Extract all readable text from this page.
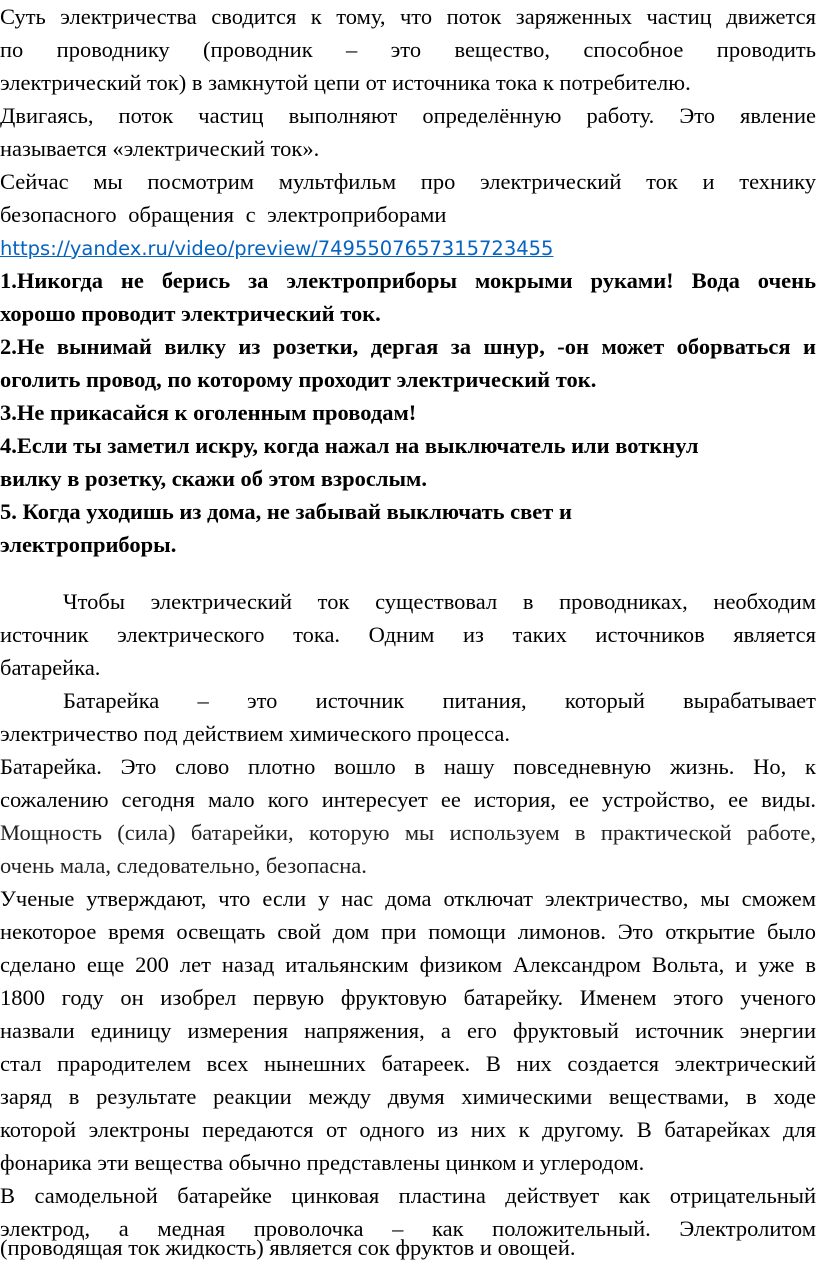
Суть электричества сводится к тому, что поток заряженных частиц движется
по проводнику (проводник – это вещество, способное проводить
электрический ток) в замкнутой цепи от источника тока к потребителю.
Двигаясь, поток частиц выполняют определённую работу. Это явление
называется «электрический ток».
Сейчас мы посмотрим мультфильм про электрический ток и технику
безопасного обращения с электроприборами
https://yandex.ru/video/preview/7495507657315723455
1.Никогда не берись за электроприборы мокрыми руками! Вода очень
хорошо проводит электрический ток.
2.Не вынимай вилку из розетки, дергая за шнур, -он может оборваться и
оголить провод, по которому проходит электрический ток.
3.Не прикасайся к оголенным проводам!
4.Если ты заметил искру, когда нажал на выключатель или воткнул
вилку в розетку, скажи об этом взрослым.
5. Когда уходишь из дома, не забывай выключать свет и
электроприборы.
Чтобы электрический ток существовал в проводниках, необходим
источник электрического тока. Одним из таких источников является
батарейка.
Батарейка – это источник питания, который вырабатывает
электричество под действием химического процесса.
Батарейка. Это слово плотно вошло в нашу повседневную жизнь. Но, к
сожалению сегодня мало кого интересует ее история, ее устройство, ее виды.
Мощность (сила) батарейки, которую мы используем в практической работе,
очень мала, следовательно, безопасна.
Ученые утверждают, что если у нас дома отключат электричество, мы сможем
некоторое время освещать свой дом при помощи лимонов. Это открытие было
сделано еще 200 лет назад итальянским физиком Александром Вольта, и уже в
1800 году он изобрел первую фруктовую батарейку. Именем этого ученого
назвали единицу измерения напряжения, а его фруктовый источник энергии
стал прародителем всех нынешних батареек. В них создается электрический
заряд в результате реакции между двумя химическими веществами, в ходе
которой электроны передаются от одного из них к другому. В батарейках для
фонарика эти вещества обычно представлены цинком и углеродом.
В самодельной батарейке цинковая пластина действует как отрицательный
электрод, а медная проволочка – как положительный. Электролитом
(проводящая ток жидкость) является сок фруктов и овощей.
